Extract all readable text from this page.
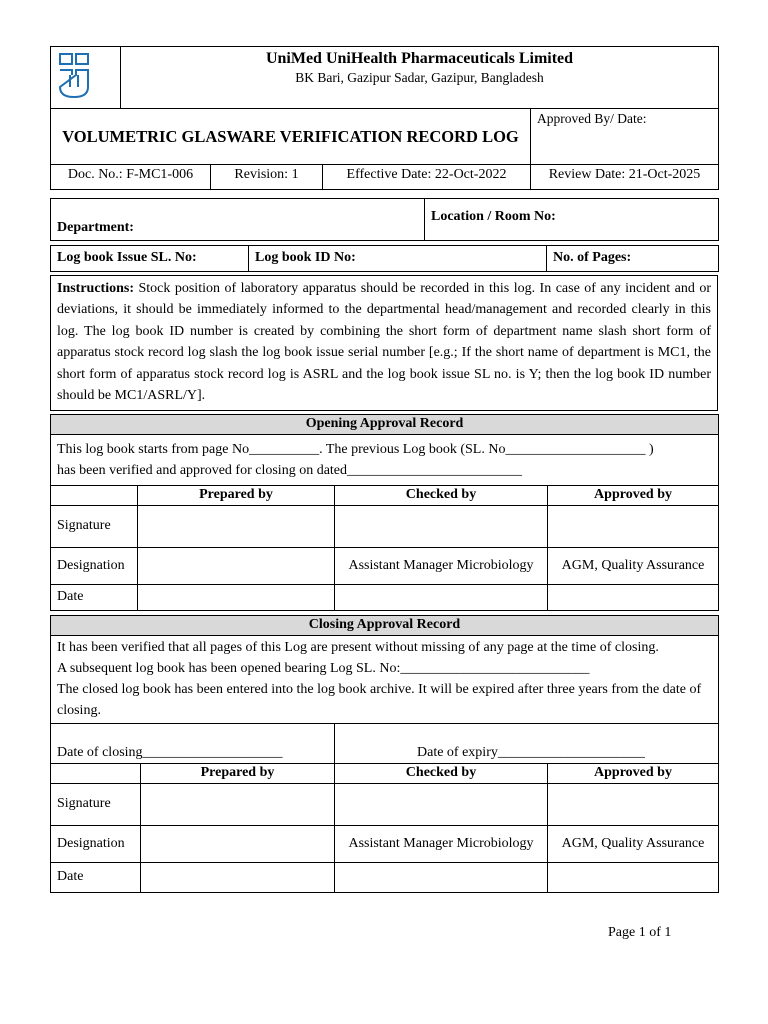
UniMed UniHealth Pharmaceuticals Limited
BK Bari, Gazipur Sadar, Gazipur, Bangladesh	

VOLUMETRIC GLASWARE VERIFICATION RECORD LOG		Approved By/ Date:
Doc. No.: F-MC1-006	Revision: 1	Effective Date: 22-Oct-2022	Review Date: 21-Oct-2025
Department:	Location / Room No:
Log book Issue SL. No:	Log book ID No:	No. of Pages:
Instructions: Stock position of laboratory apparatus should be recorded in this log. In case of any incident and or deviations, it should be immediately informed to the departmental head/management and recorded clearly in this log. The log book ID number is created by combining the short form of department name slash short form of apparatus stock record log slash the log book issue serial number [e.g.; If the short name of department is MC1, the short form of apparatus stock record log is ASRL and the log book issue SL no. is Y; then the log book ID number should be MC1/ASRL/Y].
Opening Approval Record			

This log book starts from page No__________. The previous Log book (SL. No____________________ )
has been verified and approved for closing on dated_________________________			

	Prepared by	Checked by	Approved by
Signature			
Designation		Assistant Manager Microbiology	AGM, Quality Assurance
Date			
Closing Approval Record			

It has been verified that all pages of this Log are present without missing of any page at the time of closing.
A subsequent log book has been opened bearing Log SL. No:___________________________
The closed log book has been entered into the log book archive. It will be expired after three years from the date of closing.			

Date of closing____________________		Date of expiry_____________________	
	Prepared by	Checked by	Approved by
Signature			
Designation		Assistant Manager Microbiology	AGM, Quality Assurance
Date			
Page 1 of 1
